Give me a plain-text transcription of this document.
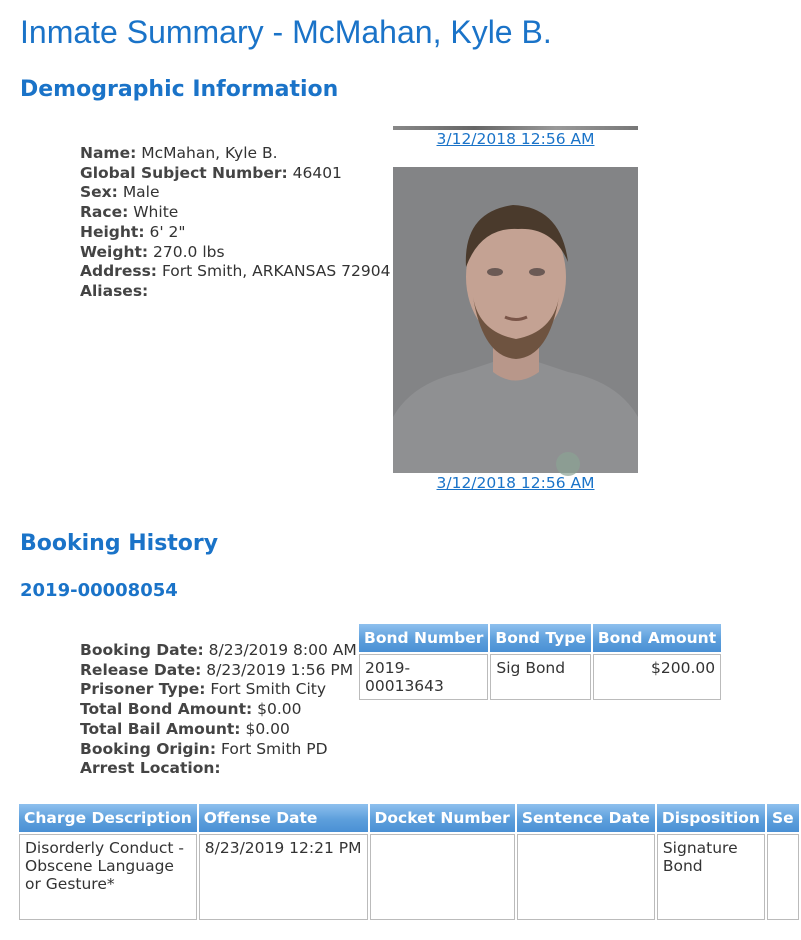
Inmate Summary - McMahan, Kyle B.
Demographic Information
Name: McMahan, Kyle B.
Global Subject Number: 46401
Sex: Male
Race: White
Height: 6' 2"
Weight: 270.0 lbs
Address: Fort Smith, ARKANSAS 72904
Aliases:
3/12/2018 12:56 AM
3/12/2018 12:56 AM
Booking History
2019-00008054
Booking Date: 8/23/2019 8:00 AM
Release Date: 8/23/2019 1:56 PM
Prisoner Type: Fort Smith City
Total Bond Amount: $0.00
Total Bail Amount: $0.00
Booking Origin: Fort Smith PD
Arrest Location:
Bond Number	Bond Type	Bond Amount
2019-00013643	Sig Bond	$200.00
Charge Description	Offense Date	Docket Number	Sentence Date	Disposition	Se
Disorderly Conduct - Obscene Language or Gesture*	8/23/2019 12:21 PM			Signature Bond	
